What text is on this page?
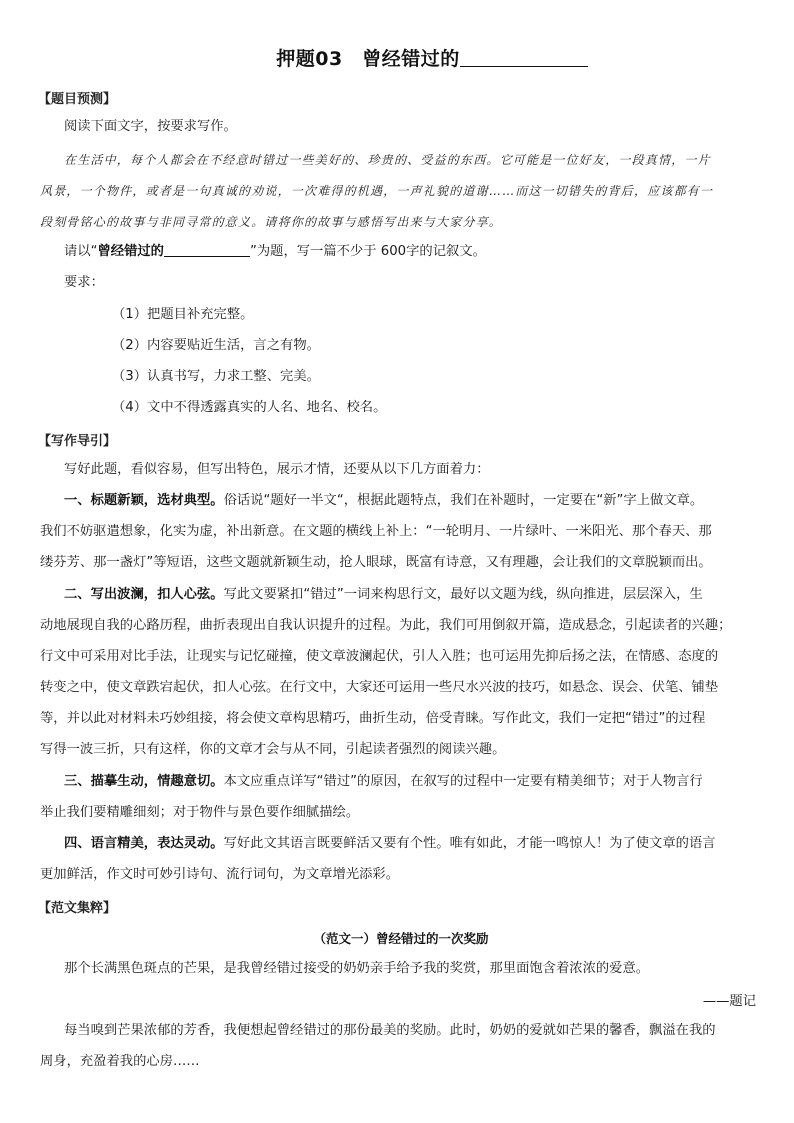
押题03　曾经错过的
【题目预测】
阅读下面文字，按要求写作。
在生活中，每个人都会在不经意时错过一些美好的、珍贵的、受益的东西。它可能是一位好友，一段真情，一片
风景，一个物件，或者是一句真诚的劝说，一次难得的机遇，一声礼貌的道谢……而这一切错失的背后，应该都有一
段刻骨铭心的故事与非同寻常的意义。请将你的故事与感悟写出来与大家分享。
请以“曾经错过的	”为题，写一篇不少于 600字的记叙文。
要求：
（1）把题目补充完整。
（2）内容要贴近生活，言之有物。
（3）认真书写，力求工整、完美。
（4）文中不得透露真实的人名、地名、校名。
【写作导引】
写好此题，看似容易，但写出特色，展示才情，还要从以下几方面着力：
一、标题新颖，选材典型。俗话说“题好一半文“，根据此题特点，我们在补题时，一定要在“新”字上做文章。
我们不妨驱遣想象，化实为虚，补出新意。在文题的横线上补上：“一轮明月、一片绿叶、一米阳光、那个春天、那
缕芬芳、那一盏灯”等短语，这些文题就新颖生动，抢人眼球，既富有诗意，又有理趣，会让我们的文章脱颖而出。
二、写出波澜，扣人心弦。写此文要紧扣“错过”一词来构思行文，最好以文题为线，纵向推进，层层深入，生
动地展现自我的心路历程，曲折表现出自我认识提升的过程。为此，我们可用倒叙开篇，造成悬念，引起读者的兴趣；
行文中可采用对比手法，让现实与记忆碰撞，使文章波澜起伏，引人入胜；也可运用先抑后扬之法，在情感、态度的
转变之中，使文章跌宕起伏，扣人心弦。在行文中，大家还可运用一些尺水兴波的技巧，如悬念、误会、伏笔、铺垫
等，并以此对材料未巧妙组接，将会使文章构思精巧，曲折生动，倍受青睐。写作此文，我们一定把“错过”的过程
写得一波三折，只有这样，你的文章才会与从不同，引起读者强烈的阅读兴趣。
三、描摹生动，情趣意切。本文应重点详写“错过”的原因，在叙写的过程中一定要有精美细节；对于人物言行
举止我们要精雕细刻；对于物件与景色要作细腻描绘。
四、语言精美，表达灵动。写好此文其语言既要鲜活又要有个性。唯有如此，才能一鸣惊人！为了使文章的语言
更加鲜活，作文时可妙引诗句、流行词句，为文章增光添彩。
【范文集粹】
（范文一）曾经错过的一次奖励
那个长满黑色斑点的芒果，是我曾经错过接受的奶奶亲手给予我的奖赏，那里面饱含着浓浓的爱意。
——题记
每当嗅到芒果浓郁的芳香，我便想起曾经错过的那份最美的奖励。此时，奶奶的爱就如芒果的馨香，飘溢在我的
周身，充盈着我的心房……
